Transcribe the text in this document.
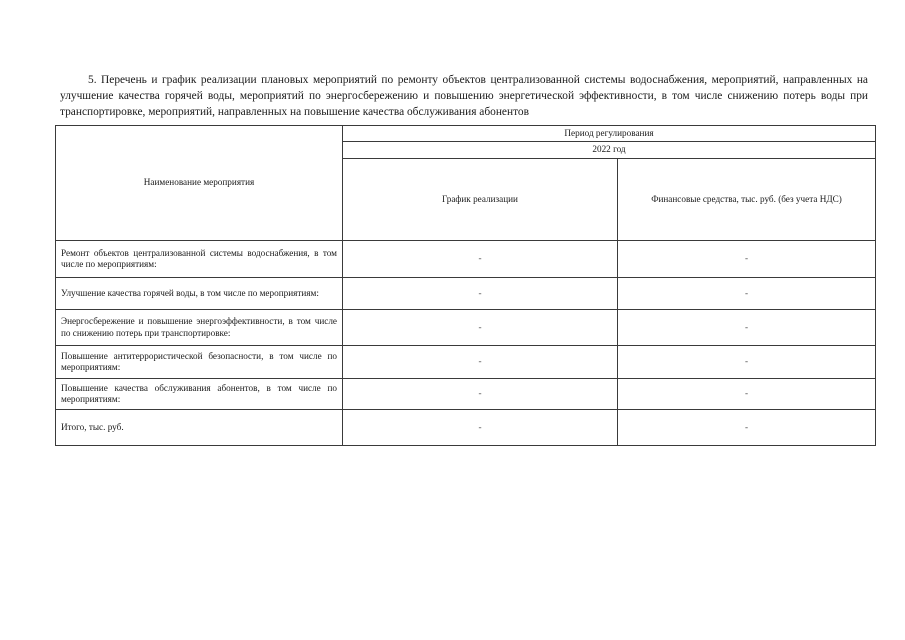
5. Перечень и график реализации плановых мероприятий по ремонту объектов централизованной системы водоснабжения, мероприятий, направленных на улучшение качества горячей воды, мероприятий по энергосбережению и повышению энергетической эффективности, в том числе снижению потерь воды при транспортировке, мероприятий, направленных на повышение качества обслуживания абонентов

Наименование мероприятия	Период регулирования	
	2022 год	
	График реализации	Финансовые средства, тыс. руб. (без учета НДС)
Ремонт объектов централизованной системы водоснабжения, в том числе по мероприятиям:	-	-
Улучшение качества горячей воды, в том числе по мероприятиям:	-	-
Энергосбережение и повышение энергоэффективности, в том числе по снижению потерь при транспортировке:	-	-
Повышение антитеррористической безопасности, в том числе по мероприятиям:	-	-
Повышение качества обслуживания абонентов, в том числе по мероприятиям:	-	-
Итого, тыс. руб.	-	-
